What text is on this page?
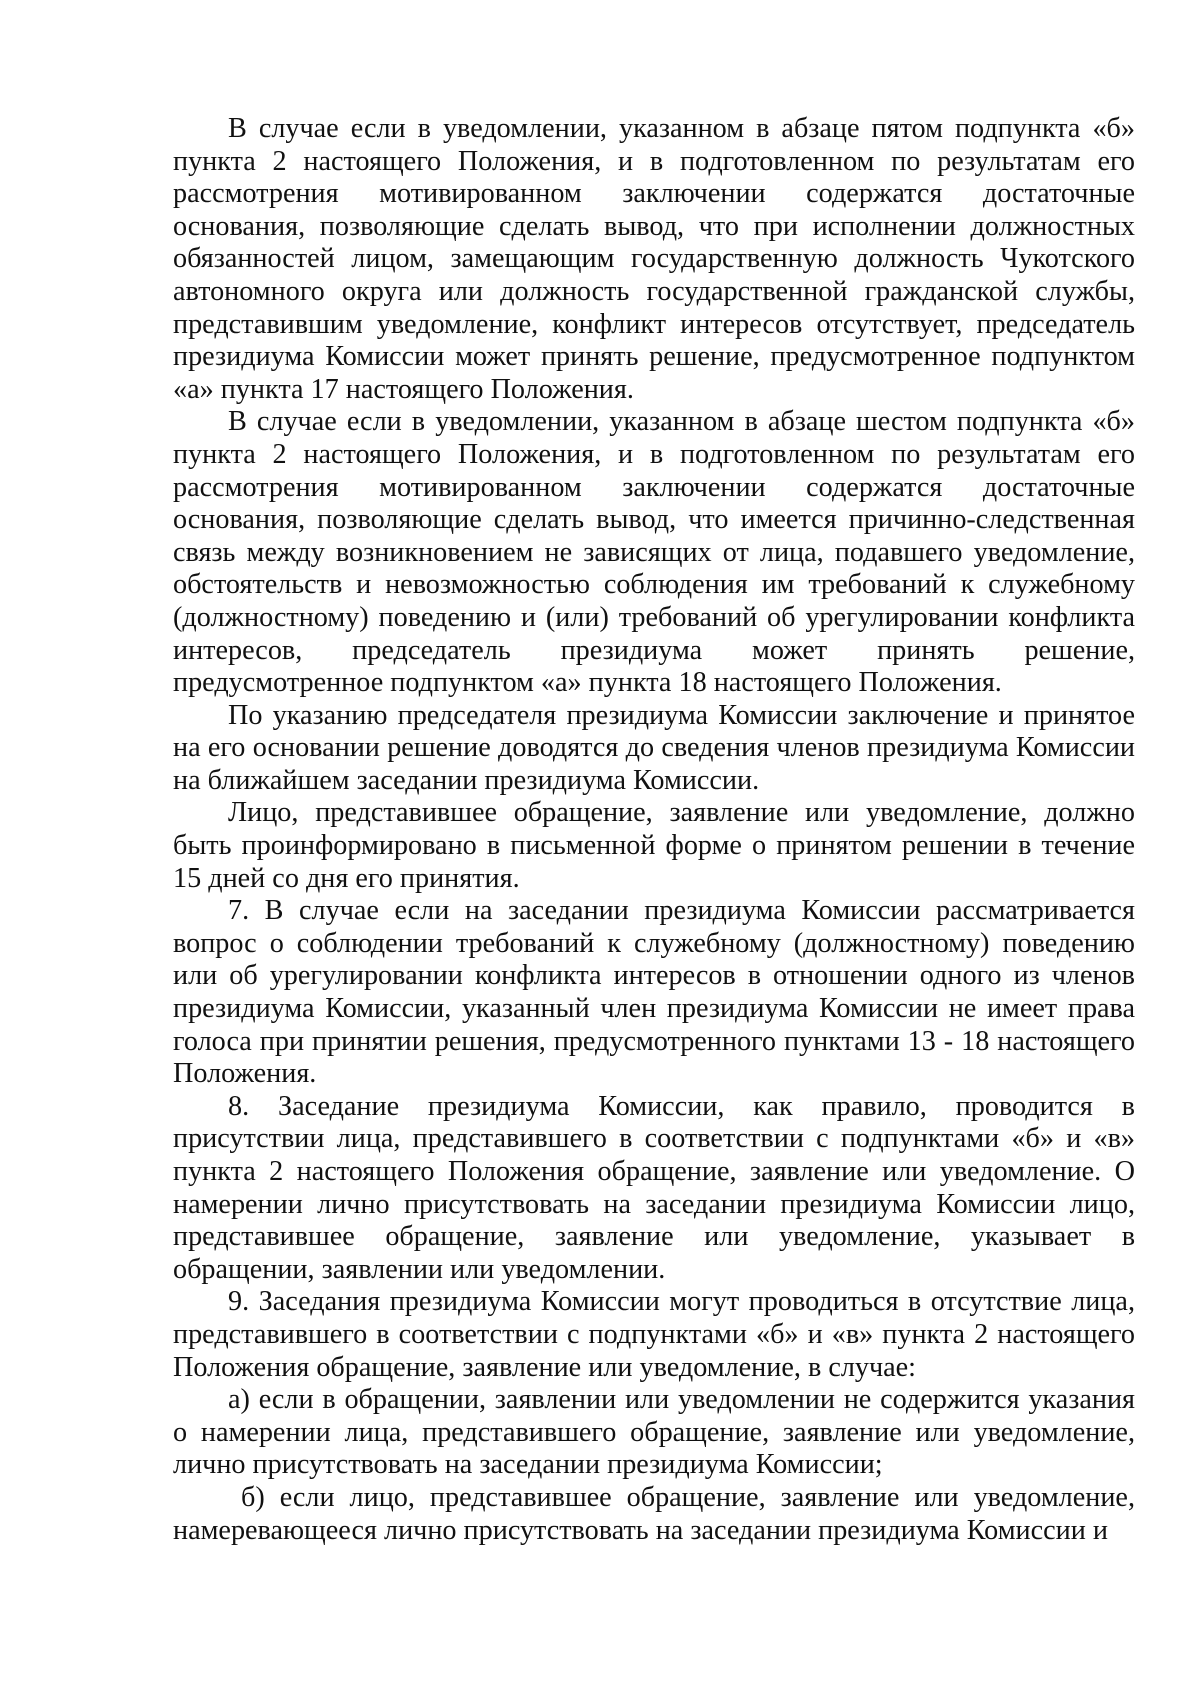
В случае если в уведомлении, указанном в абзаце пятом подпункта «б» пункта 2 настоящего Положения, и в подготовленном по результатам его рассмотрения мотивированном заключении содержатся достаточные основания, позволяющие сделать вывод, что при исполнении должностных обязанностей лицом, замещающим государственную должность Чукотского автономного округа или должность государственной гражданской службы, представившим уведомление, конфликт интересов отсутствует, председатель президиума Комиссии может принять решение, предусмотренное подпунктом «а» пункта 17 настоящего Положения.

В случае если в уведомлении, указанном в абзаце шестом подпункта «б» пункта 2 настоящего Положения, и в подготовленном по результатам его рассмотрения мотивированном заключении содержатся достаточные основания, позволяющие сделать вывод, что имеется причинно-следственная связь между возникновением не зависящих от лица, подавшего уведомление, обстоятельств и невозможностью соблюдения им требований к служебному (должностному) поведению и (или) требований об урегулировании конфликта интересов, председатель президиума может принять решение, предусмотренное подпунктом «а» пункта 18 настоящего Положения.

По указанию председателя президиума Комиссии заключение и принятое на его основании решение доводятся до сведения членов президиума Комиссии на ближайшем заседании президиума Комиссии.

Лицо, представившее обращение, заявление или уведомление, должно быть проинформировано в письменной форме о принятом решении в течение 15 дней со дня его принятия.

7. В случае если на заседании президиума Комиссии рассматривается вопрос о соблюдении требований к служебному (должностному) поведению или об урегулировании конфликта интересов в отношении одного из членов президиума Комиссии, указанный член президиума Комиссии не имеет права голоса при принятии решения, предусмотренного пунктами 13 - 18 настоящего Положения.

8. Заседание президиума Комиссии, как правило, проводится в присутствии лица, представившего в соответствии с подпунктами «б» и «в» пункта 2 настоящего Положения обращение, заявление или уведомление. О намерении лично присутствовать на заседании президиума Комиссии лицо, представившее обращение, заявление или уведомление, указывает в обращении, заявлении или уведомлении.

9. Заседания президиума Комиссии могут проводиться в отсутствие лица, представившего в соответствии с подпунктами «б» и «в» пункта 2 настоящего Положения обращение, заявление или уведомление, в случае:

а) если в обращении, заявлении или уведомлении не содержится указания о намерении лица, представившего обращение, заявление или уведомление, лично присутствовать на заседании президиума Комиссии;

б) если лицо, представившее обращение, заявление или уведомление, намеревающееся лично присутствовать на заседании президиума Комиссии и
